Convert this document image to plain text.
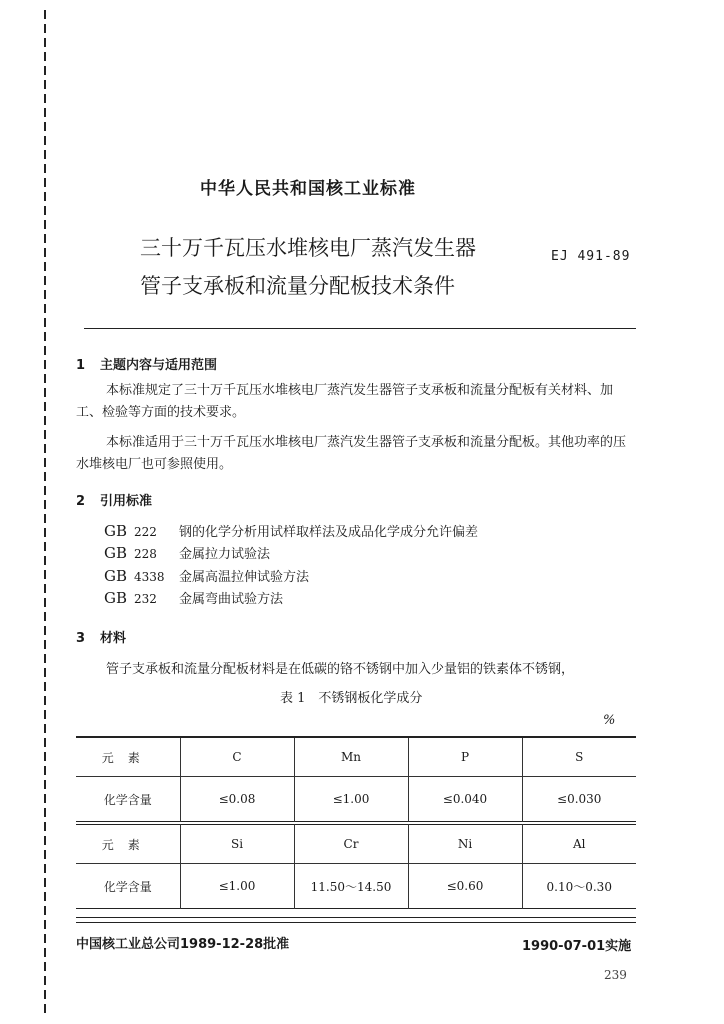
中华人民共和国核工业标准
三十万千瓦压水堆核电厂蒸汽发生器
管子支承板和流量分配板技术条件
EJ 491-89
1 主题内容与适用范围
本标准规定了三十万千瓦压水堆核电厂蒸汽发生器管子支承板和流量分配板有关材料、加工、检验等方面的技术要求。
本标准适用于三十万千瓦压水堆核电厂蒸汽发生器管子支承板和流量分配板。其他功率的压水堆核电厂也可参照使用。
2 引用标准
GB 222 钢的化学分析用试样取样法及成品化学成分允许偏差
GB 228 金属拉力试验法
GB 4338 金属高温拉伸试验方法
GB 232 金属弯曲试验方法
3 材料
管子支承板和流量分配板材料是在低碳的铬不锈钢中加入少量铝的铁素体不锈钢，
表 1　不锈钢板化学成分
%
元素	C	Mn	P	S
化学含量	≤0.08	≤1.00	≤0.040	≤0.030
元素	Si	Cr	Ni	Al
化学含量	≤1.00	11.50～14.50	≤0.60	0.10～0.30
中国核工业总公司1989-12-28批准	1990-07-01实施
239
